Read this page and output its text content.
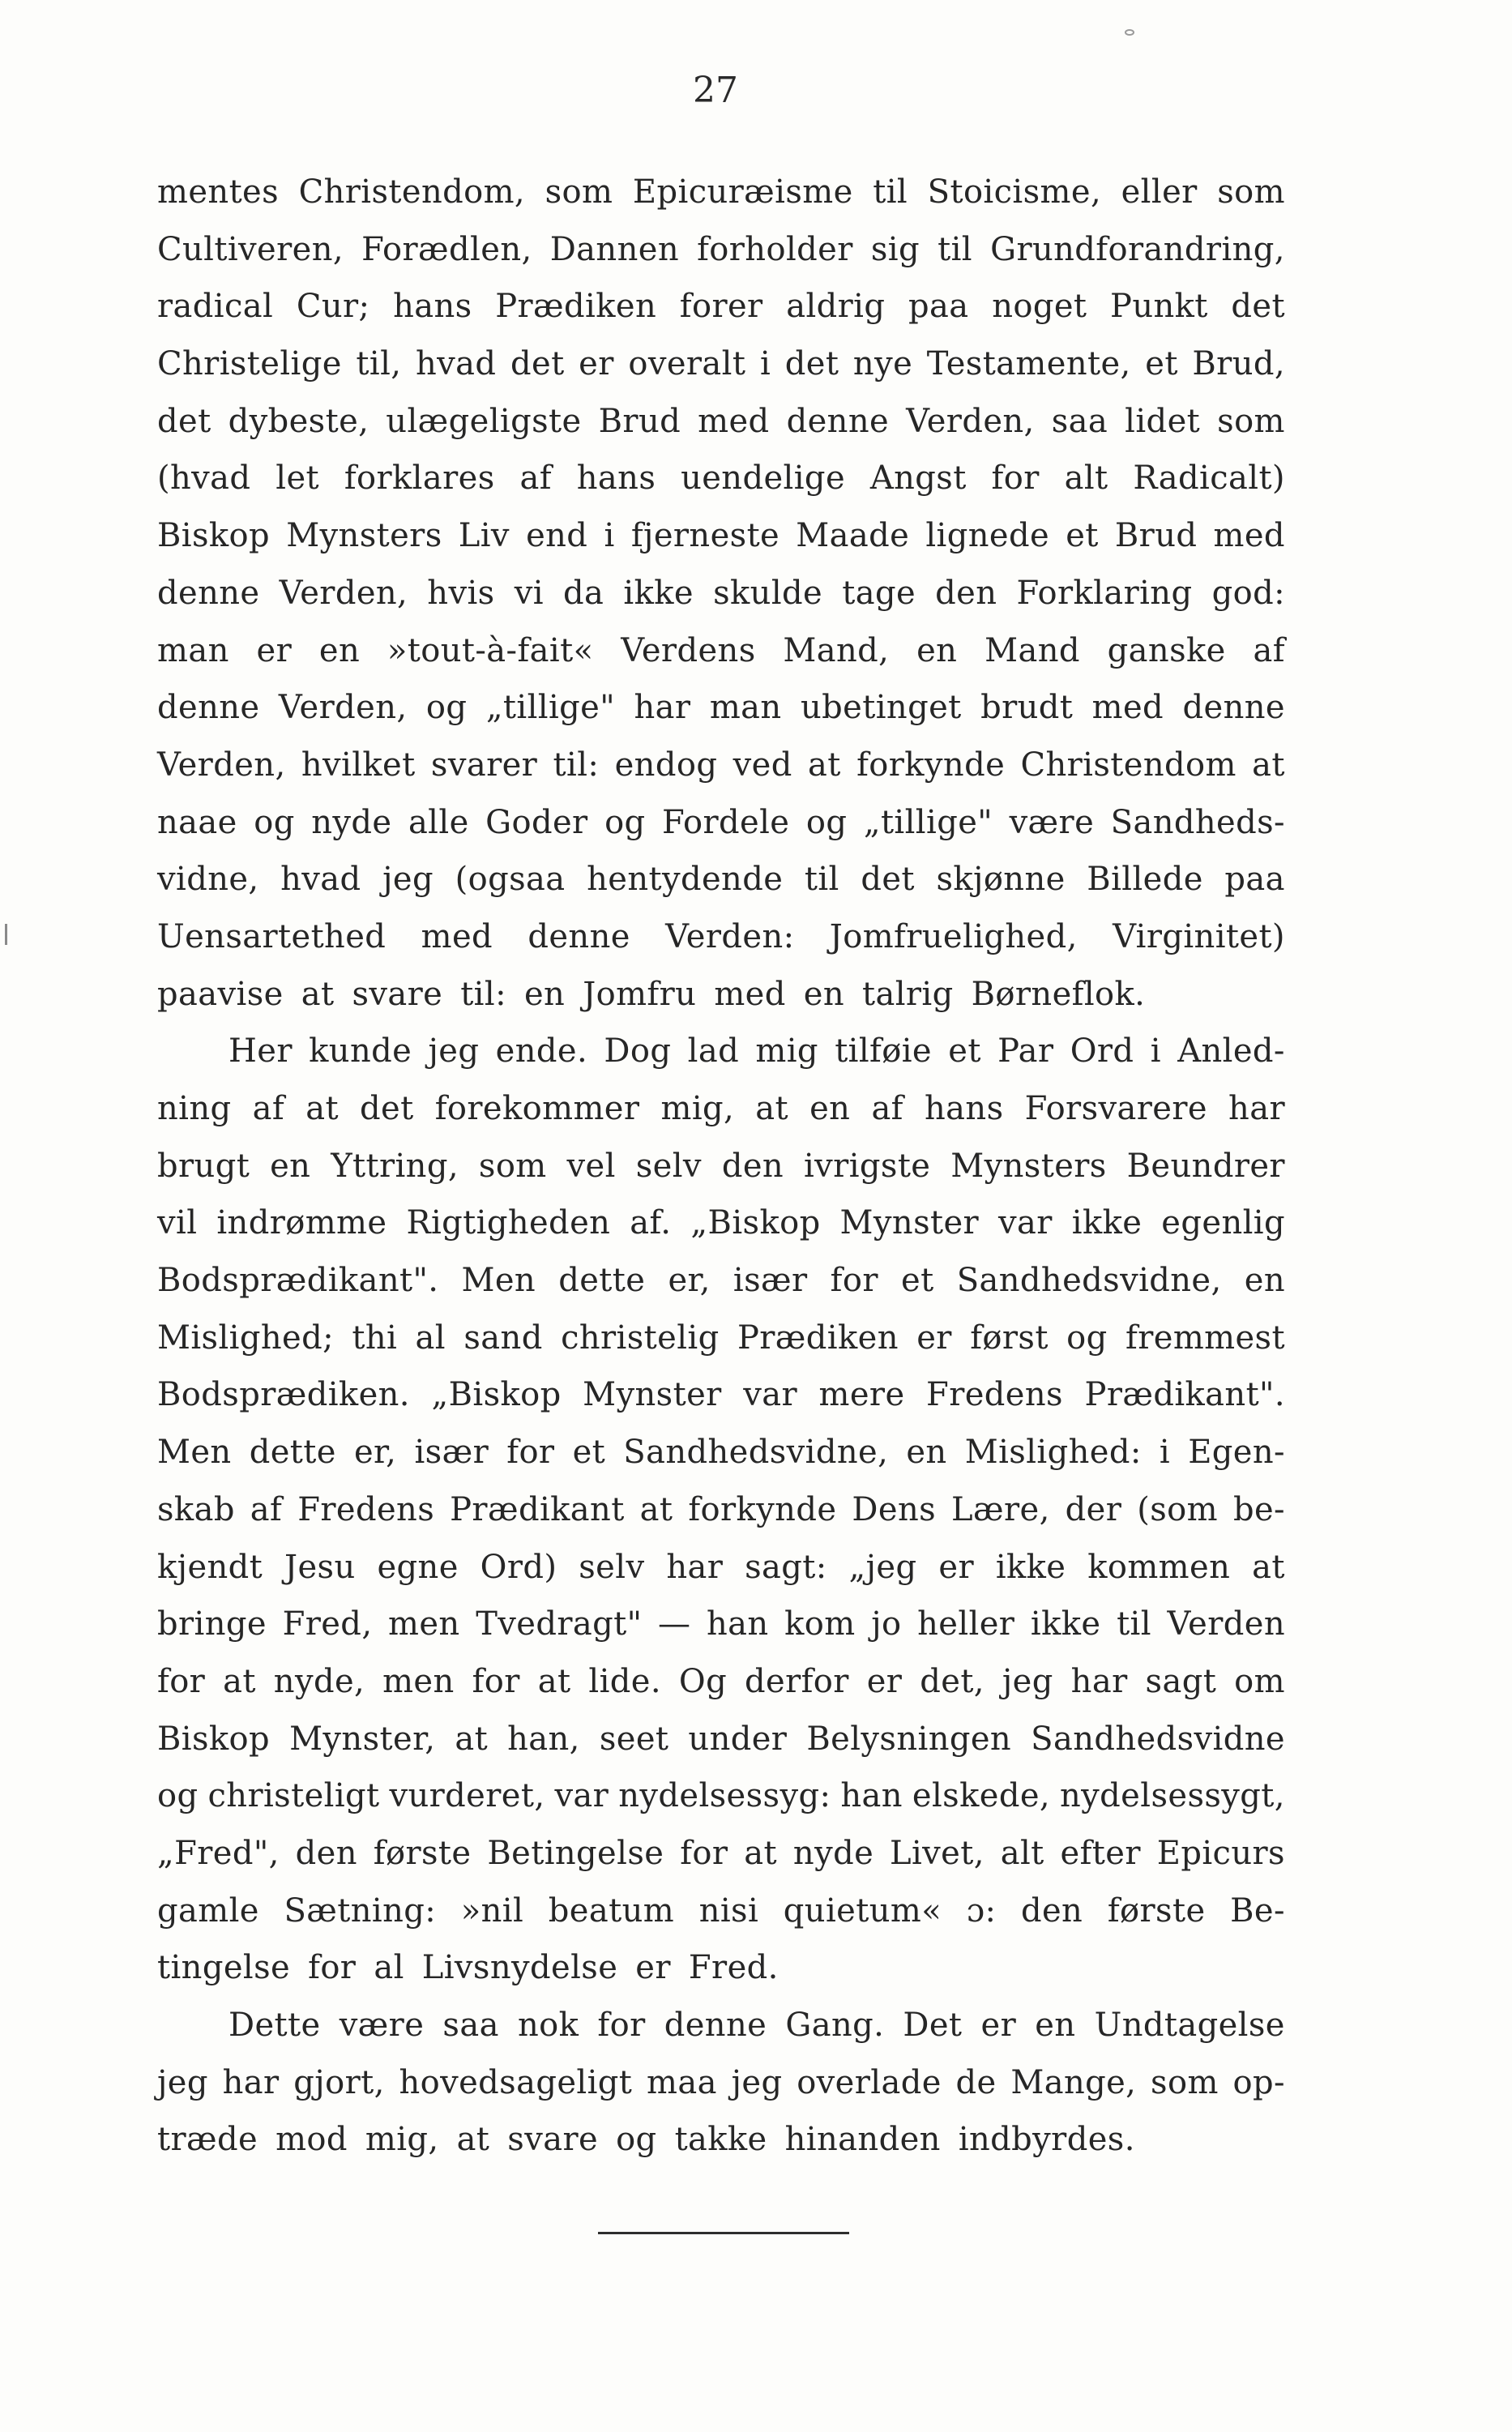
27
mentes Christendom, som Epicuræisme til Stoicisme, eller som
Cultiveren, Forædlen, Dannen forholder sig til Grundforandring,
radical Cur; hans Prædiken forer aldrig paa noget Punkt det
Christelige til, hvad det er overalt i det nye Testamente, et Brud,
det dybeste, ulægeligste Brud med denne Verden, saa lidet som
(hvad let forklares af hans uendelige Angst for alt Radicalt)
Biskop Mynsters Liv end i fjerneste Maade lignede et Brud med
denne Verden, hvis vi da ikke skulde tage den Forklaring god:
man er en »tout-à-fait« Verdens Mand, en Mand ganske af
denne Verden, og „tillige" har man ubetinget brudt med denne
Verden, hvilket svarer til: endog ved at forkynde Christendom at
naae og nyde alle Goder og Fordele og „tillige" være Sandheds-
vidne, hvad jeg (ogsaa hentydende til det skjønne Billede paa
Uensartethed med denne Verden: Jomfruelighed, Virginitet)
paavise at svare til: en Jomfru med en talrig Børneflok.
Her kunde jeg ende. Dog lad mig tilføie et Par Ord i Anled-
ning af at det forekommer mig, at en af hans Forsvarere har
brugt en Yttring, som vel selv den ivrigste Mynsters Beundrer
vil indrømme Rigtigheden af. „Biskop Mynster var ikke egenlig
Bodsprædikant". Men dette er, især for et Sandhedsvidne, en
Mislighed; thi al sand christelig Prædiken er først og fremmest
Bodsprædiken. „Biskop Mynster var mere Fredens Prædikant".
Men dette er, især for et Sandhedsvidne, en Mislighed: i Egen-
skab af Fredens Prædikant at forkynde Dens Lære, der (som be-
kjendt Jesu egne Ord) selv har sagt: „jeg er ikke kommen at
bringe Fred, men Tvedragt" — han kom jo heller ikke til Verden
for at nyde, men for at lide. Og derfor er det, jeg har sagt om
Biskop Mynster, at han, seet under Belysningen Sandhedsvidne
og christeligt vurderet, var nydelsessyg: han elskede, nydelsessygt,
„Fred", den første Betingelse for at nyde Livet, alt efter Epicurs
gamle Sætning: »nil beatum nisi quietum« ɔ: den første Be-
tingelse for al Livsnydelse er Fred.
Dette være saa nok for denne Gang. Det er en Undtagelse
jeg har gjort, hovedsageligt maa jeg overlade de Mange, som op-
træde mod mig, at svare og takke hinanden indbyrdes.
